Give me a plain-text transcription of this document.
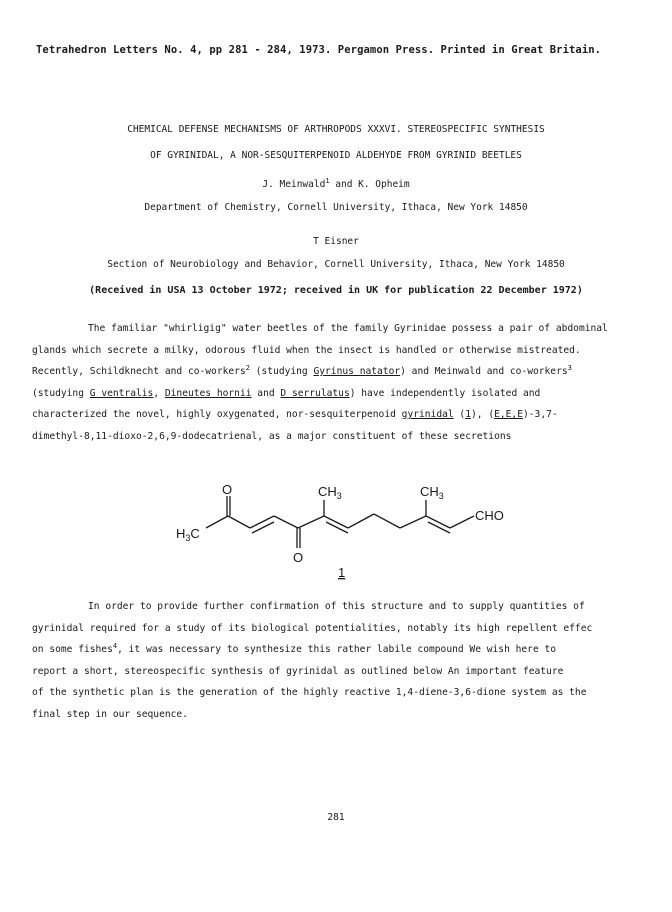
Tetrahedron Letters No. 4, pp 281 - 284, 1973. Pergamon Press. Printed in Great Britain.
CHEMICAL DEFENSE MECHANISMS OF ARTHROPODS XXXVI. STEREOSPECIFIC SYNTHESIS
OF GYRINIDAL, A NOR-SESQUITERPENOID ALDEHYDE FROM GYRINID BEETLES
J. Meinwald$^1$ and K. Opheim
Department of Chemistry, Cornell University, Ithaca, New York 14850
T Eisner
Section of Neurobiology and Behavior, Cornell University, Ithaca, New York 14850
(Received in USA 13 October 1972; received in UK for publication 22 December 1972)

The familiar "whirligig" water beetles of the family Gyrinidae possess a pair of abdominal

glands which secrete a milky, odorous fluid when the insect is handled or otherwise mistreated.

Recently, Schildknecht and co-workers$^2$ (studying Gyrinus natator) and Meinwald and co-workers$^3$

(studying G ventralis, Dineutes hornii and D serrulatus) have independently isolated and

characterized the novel, highly oxygenated, nor-sesquiterpenoid gyrinidal (1), (E,E,E)-3,7-

dimethyl-8,11-dioxo-2,6,9-dodecatrienal, as a major constituent of these secretions

O	$CH_3$	$CH_3$
CHO
$H_3C$
O
1

In order to provide further confirmation of this structure and to supply quantities of

gyrinidal required for a study of its biological potentialities, notably its high repellent effec

on some fishes$^4$, it was necessary to synthesize this rather labile compound We wish here to

report a short, stereospecific synthesis of gyrinidal as outlined below An important feature

of the synthetic plan is the generation of the highly reactive 1,4-diene-3,6-dione system as the

final step in our sequence.

281
